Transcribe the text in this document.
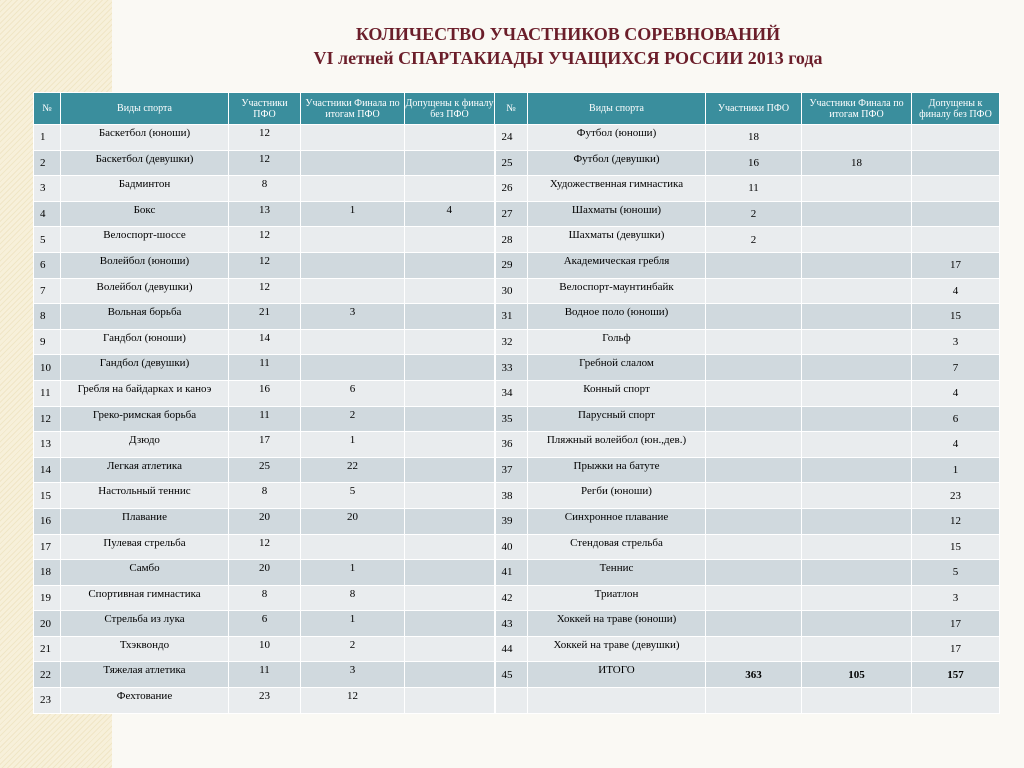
КОЛИЧЕСТВО УЧАСТНИКОВ СОРЕВНОВАНИЙ
VI летней СПАРТАКИАДЫ УЧАЩИХСЯ РОССИИ 2013 года
№	Виды спорта	Участники ПФО	Участники Финала по итогам ПФО	Допущены к финалу без ПФО	№	Виды спорта	Участники ПФО	Участники Финала по итогам ПФО	Допущены к финалу без ПФО
1	Баскетбол (юноши)	12			24	Футбол (юноши)	18		
2	Баскетбол (девушки)	12			25	Футбол (девушки)	16	18	
3	Бадминтон	8			26	Художественная гимнастика	11		
4	Бокс	13	1	4	27	Шахматы (юноши)	2		
5	Велоспорт-шоссе	12			28	Шахматы (девушки)	2		
6	Волейбол (юноши)	12			29	Академическая гребля			17
7	Волейбол (девушки)	12			30	Велоспорт-маунтинбайк			4
8	Вольная борьба	21	3		31	Водное поло (юноши)			15
9	Гандбол (юноши)	14			32	Гольф			3
10	Гандбол (девушки)	11			33	Гребной слалом			7
11	Гребля на байдарках и каноэ	16	6		34	Конный спорт			4
12	Греко-римская борьба	11	2		35	Парусный спорт			6
13	Дзюдо	17	1		36	Пляжный волейбол (юн.,дев.)			4
14	Легкая атлетика	25	22		37	Прыжки на батуте			1
15	Настольный теннис	8	5		38	Регби (юноши)			23
16	Плавание	20	20		39	Синхронное плавание			12
17	Пулевая стрельба	12			40	Стендовая стрельба			15
18	Самбо	20	1		41	Теннис			5
19	Спортивная гимнастика	8	8		42	Триатлон			3
20	Стрельба из лука	6	1		43	Хоккей на траве (юноши)			17
21	Тхэквондо	10	2		44	Хоккей на траве (девушки)			17
22	Тяжелая атлетика	11	3		45	ИТОГО	363	105	157
23	Фехтование	23	12						
